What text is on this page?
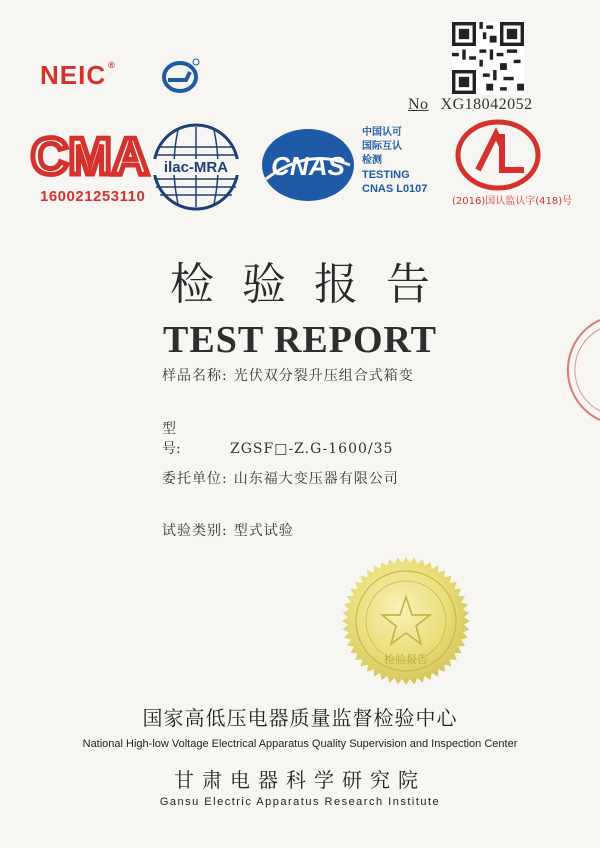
NEIC ®
No XG18042052
CMA
160021253110
ilac-MRA CNAS
中国认可
国际互认
检测
TESTING
CNAS L0107
(2016)国认监认字(418)号
检验报告
TEST REPORT
样品名称: 光伏双分裂升压组合式箱变
型号:	ZGSF□-Z.G-1600/35
委托单位: 山东福大变压器有限公司
试验类别: 型式试验
检验报告
国家高低压电器质量监督检验中心
National High-low Voltage Electrical Apparatus Quality Supervision and Inspection Center
甘肃电器科学研究院
Gansu Electric Apparatus Research Institute
